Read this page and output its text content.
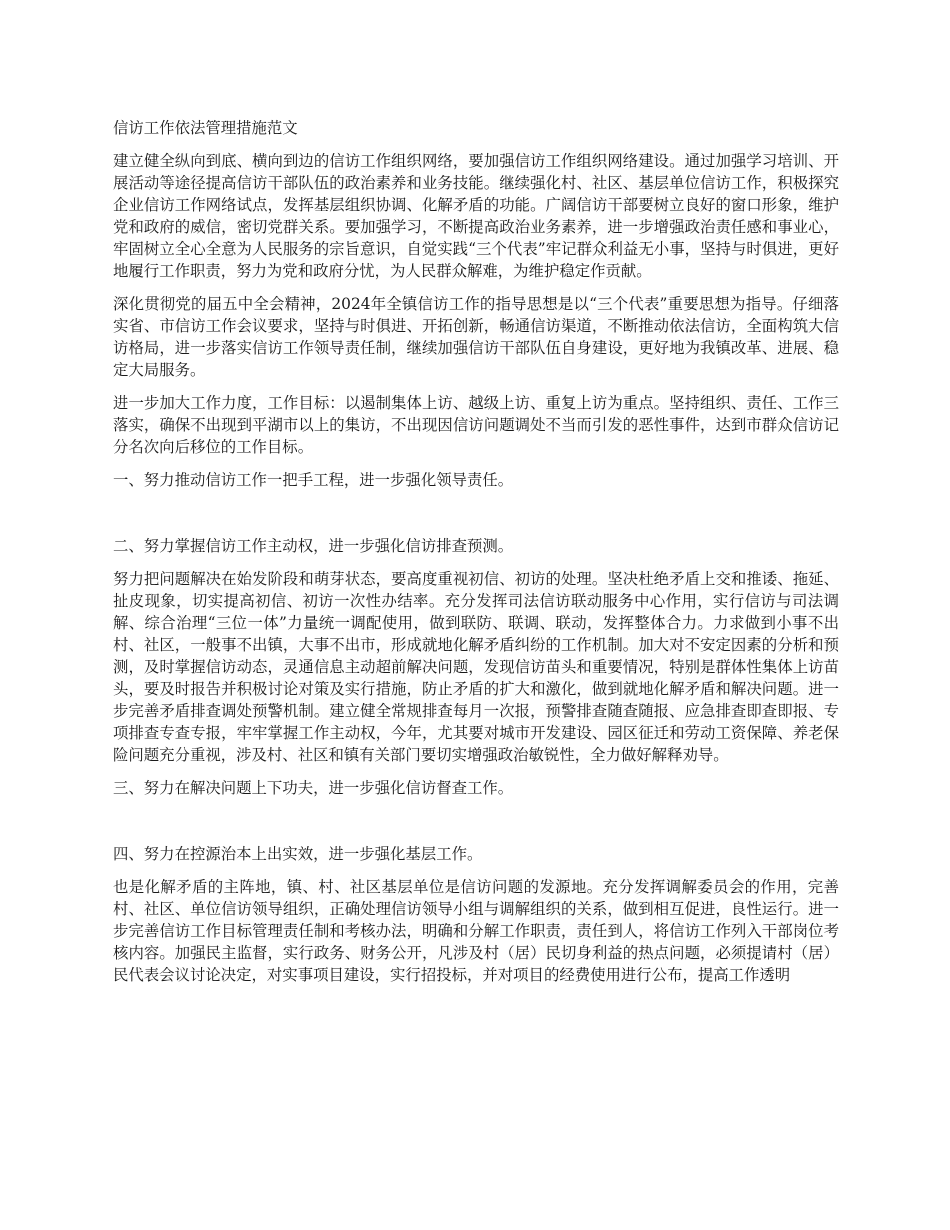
信访工作依法管理措施范文

建立健全纵向到底、横向到边的信访工作组织网络，要加强信访工作组织网络建设。通过加强学习培训、开展活动等途径提高信访干部队伍的政治素养和业务技能。继续强化村、社区、基层单位信访工作，积极探究企业信访工作网络试点，发挥基层组织协调、化解矛盾的功能。广阔信访干部要树立良好的窗口形象，维护党和政府的威信，密切党群关系。要加强学习，不断提高政治业务素养，进一步增强政治责任感和事业心，牢固树立全心全意为人民服务的宗旨意识，自觉实践“三个代表”牢记群众利益无小事，坚持与时俱进，更好地履行工作职责，努力为党和政府分忧，为人民群众解难，为维护稳定作贡献。

深化贯彻党的届五中全会精神，2024年全镇信访工作的指导思想是以“三个代表”重要思想为指导。仔细落实省、市信访工作会议要求，坚持与时俱进、开拓创新，畅通信访渠道，不断推动依法信访，全面构筑大信访格局，进一步落实信访工作领导责任制，继续加强信访干部队伍自身建设，更好地为我镇改革、进展、稳定大局服务。

进一步加大工作力度，工作目标：以遏制集体上访、越级上访、重复上访为重点。坚持组织、责任、工作三落实，确保不出现到平湖市以上的集访，不出现因信访问题调处不当而引发的恶性事件，达到市群众信访记分名次向后移位的工作目标。

一、努力推动信访工作一把手工程，进一步强化领导责任。

二、努力掌握信访工作主动权，进一步强化信访排查预测。

努力把问题解决在始发阶段和萌芽状态，要高度重视初信、初访的处理。坚决杜绝矛盾上交和推诿、拖延、扯皮现象，切实提高初信、初访一次性办结率。充分发挥司法信访联动服务中心作用，实行信访与司法调解、综合治理“三位一体”力量统一调配使用，做到联防、联调、联动，发挥整体合力。力求做到小事不出村、社区，一般事不出镇，大事不出市，形成就地化解矛盾纠纷的工作机制。加大对不安定因素的分析和预测，及时掌握信访动态，灵通信息主动超前解决问题，发现信访苗头和重要情况，特别是群体性集体上访苗头，要及时报告并积极讨论对策及实行措施，防止矛盾的扩大和激化，做到就地化解矛盾和解决问题。进一步完善矛盾排查调处预警机制。建立健全常规排查每月一次报，预警排查随查随报、应急排查即查即报、专项排查专查专报，牢牢掌握工作主动权，今年，尤其要对城市开发建设、园区征迁和劳动工资保障、养老保险问题充分重视，涉及村、社区和镇有关部门要切实增强政治敏锐性，全力做好解释劝导。

三、努力在解决问题上下功夫，进一步强化信访督查工作。

四、努力在控源治本上出实效，进一步强化基层工作。

也是化解矛盾的主阵地，镇、村、社区基层单位是信访问题的发源地。充分发挥调解委员会的作用，完善村、社区、单位信访领导组织，正确处理信访领导小组与调解组织的关系，做到相互促进，良性运行。进一步完善信访工作目标管理责任制和考核办法，明确和分解工作职责，责任到人，将信访工作列入干部岗位考核内容。加强民主监督，实行政务、财务公开，凡涉及村（居）民切身利益的热点问题，必须提请村（居）民代表会议讨论决定，对实事项目建设，实行招投标，并对项目的经费使用进行公布，提高工作透明
